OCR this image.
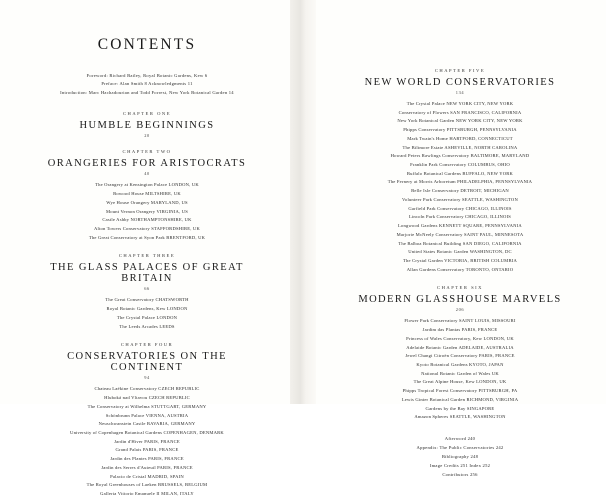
CONTENTS
Foreword: Richard Bailey, Royal Botanic Gardens, Kew 6
Preface: Alan Smith 8 Acknowledgments 11
Introduction: Marc Hachadourian and Todd Forrest, New York Botanical Garden 14
CHAPTER ONE
HUMBLE BEGINNINGS
20
CHAPTER TWO
ORANGERIES FOR ARISTOCRATS
40
The Orangery at Kensington Palace LONDON, UK
Bowood House MILTSHIRE, UK
Wye House Orangery MARYLAND, US
Mount Vernon Orangery VIRGINIA, US
Castle Ashby NORTHAMPTONSHIRE, UK
Alton Towers Conservatory STAFFORDSHIRE, UK
The Great Conservatory at Syon Park BRENTFORD, UK
CHAPTER THREE
THE GLASS PALACES OF GREAT BRITAIN
66
The Great Conservatory CHATSWORTH
Royal Botanic Gardens, Kew LONDON
The Crystal Palace LONDON
The Leeds Arcades LEEDS
CHAPTER FOUR
CONSERVATORIES ON THE CONTINENT
94
Chateau Laékine Conservatory CZECH REPUBLIC
Hluboká nad Vltavou CZECH REPUBLIC
The Conservatory at Wilhelma STUTTGART, GERMANY
Schönbrunn Palace VIENNA, AUSTRIA
Neuschwanstein Castle BAVARIA, GERMANY
University of Copenhagen Botanical Gardens COPENHAGEN, DENMARK
Jardin d'Hiver PARIS, FRANCE
Grand Palais PARIS, FRANCE
Jardin des Plantes PARIS, FRANCE
Jardin des Serres d'Auteuil PARIS, FRANCE
Palacio de Cristal MADRID, SPAIN
The Royal Greenhouses of Laeken BRUSSELS, BELGIUM
Galleria Vittorio Emanuele II MILAN, ITALY
CHAPTER FIVE
NEW WORLD CONSERVATORIES
134
The Crystal Palace NEW YORK CITY, NEW YORK
Conservatory of Flowers SAN FRANCISCO, CALIFORNIA
New York Botanical Garden NEW YORK CITY, NEW YORK
Phipps Conservatory PITTSBURGH, PENNSYLVANIA
Mark Twain's Home HARTFORD, CONNECTICUT
The Biltmore Estate ASHEVILLE, NORTH CAROLINA
Howard Peters Rawlings Conservatory BALTIMORE, MARYLAND
Franklin Park Conservatory COLUMBUS, OHIO
Buffalo Botanical Gardens BUFFALO, NEW YORK
The Fernery at Morris Arboretum PHILADELPHIA, PENNSYLVANIA
Belle Isle Conservatory DETROIT, MICHIGAN
Volunteer Park Conservatory SEATTLE, WASHINGTON
Garfield Park Conservatory CHICAGO, ILLINOIS
Lincoln Park Conservatory CHICAGO, ILLINOIS
Longwood Gardens KENNETT SQUARE, PENNSYLVANIA
Marjorie McNeely Conservatory SAINT PAUL, MINNESOTA
The Balboa Botanical Building SAN DIEGO, CALIFORNIA
United States Botanic Garden WASHINGTON, DC
The Crystal Garden VICTORIA, BRITISH COLUMBIA
Allan Gardens Conservatory TORONTO, ONTARIO
CHAPTER SIX
MODERN GLASSHOUSE MARVELS
206
Flower Park Conservatory SAINT LOUIS, MISSOURI
Jardim das Plantas PARIS, FRANCE
Princess of Wales Conservatory, Kew LONDON, UK
Adelaide Botanic Garden ADELAIDE, AUSTRALIA
Jewel Changi Citroën Conservatory PARIS, FRANCE
Kyoto Botanical Gardens KYOTO, JAPAN
National Botanic Garden of Wales UK
The Great Alpine House, Kew LONDON, UK
Phipps Tropical Forest Conservatory PITTSBURGH, PA
Lewis Ginter Botanical Garden RICHMOND, VIRGINIA
Gardens by the Bay SINGAPORE
Amazon Spheres SEATTLE, WASHINGTON
Afterword 240
Appendix: The Public Conservatories 242
Bibliography 248
Image Credits 251 Index 252
Contributors 256
